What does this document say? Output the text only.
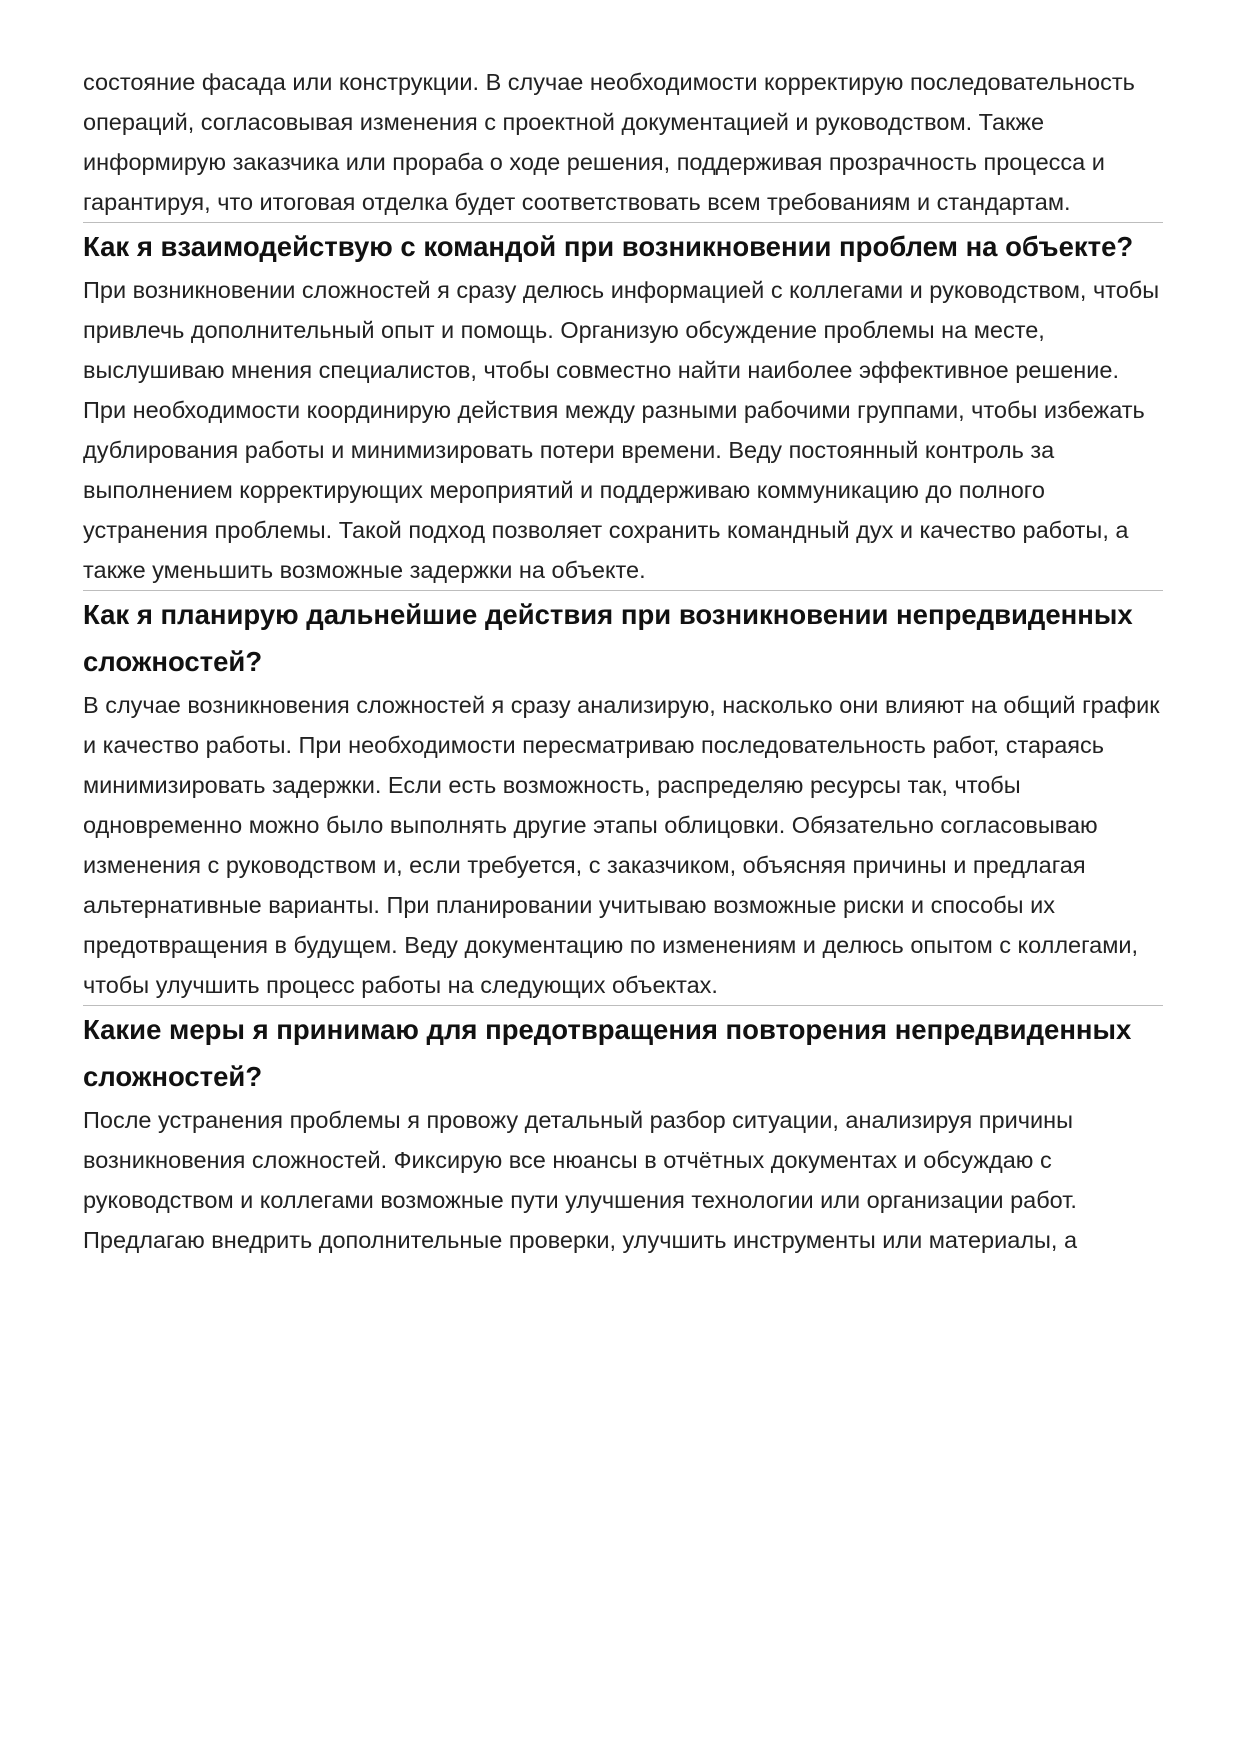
состояние фасада или конструкции. В случае необходимости корректирую последовательность операций, согласовывая изменения с проектной документацией и руководством. Также информирую заказчика или прораба о ходе решения, поддерживая прозрачность процесса и гарантируя, что итоговая отделка будет соответствовать всем требованиям и стандартам.

Как я взаимодействую с командой при возникновении проблем на объекте?

При возникновении сложностей я сразу делюсь информацией с коллегами и руководством, чтобы привлечь дополнительный опыт и помощь. Организую обсуждение проблемы на месте, выслушиваю мнения специалистов, чтобы совместно найти наиболее эффективное решение. При необходимости координирую действия между разными рабочими группами, чтобы избежать дублирования работы и минимизировать потери времени. Веду постоянный контроль за выполнением корректирующих мероприятий и поддерживаю коммуникацию до полного устранения проблемы. Такой подход позволяет сохранить командный дух и качество работы, а также уменьшить возможные задержки на объекте.

Как я планирую дальнейшие действия при возникновении непредвиденных сложностей?

В случае возникновения сложностей я сразу анализирую, насколько они влияют на общий график и качество работы. При необходимости пересматриваю последовательность работ, стараясь минимизировать задержки. Если есть возможность, распределяю ресурсы так, чтобы одновременно можно было выполнять другие этапы облицовки. Обязательно согласовываю изменения с руководством и, если требуется, с заказчиком, объясняя причины и предлагая альтернативные варианты. При планировании учитываю возможные риски и способы их предотвращения в будущем. Веду документацию по изменениям и делюсь опытом с коллегами, чтобы улучшить процесс работы на следующих объектах.

Какие меры я принимаю для предотвращения повторения непредвиденных сложностей?

После устранения проблемы я провожу детальный разбор ситуации, анализируя причины возникновения сложностей. Фиксирую все нюансы в отчётных документах и обсуждаю с руководством и коллегами возможные пути улучшения технологии или организации работ. Предлагаю внедрить дополнительные проверки, улучшить инструменты или материалы, а
